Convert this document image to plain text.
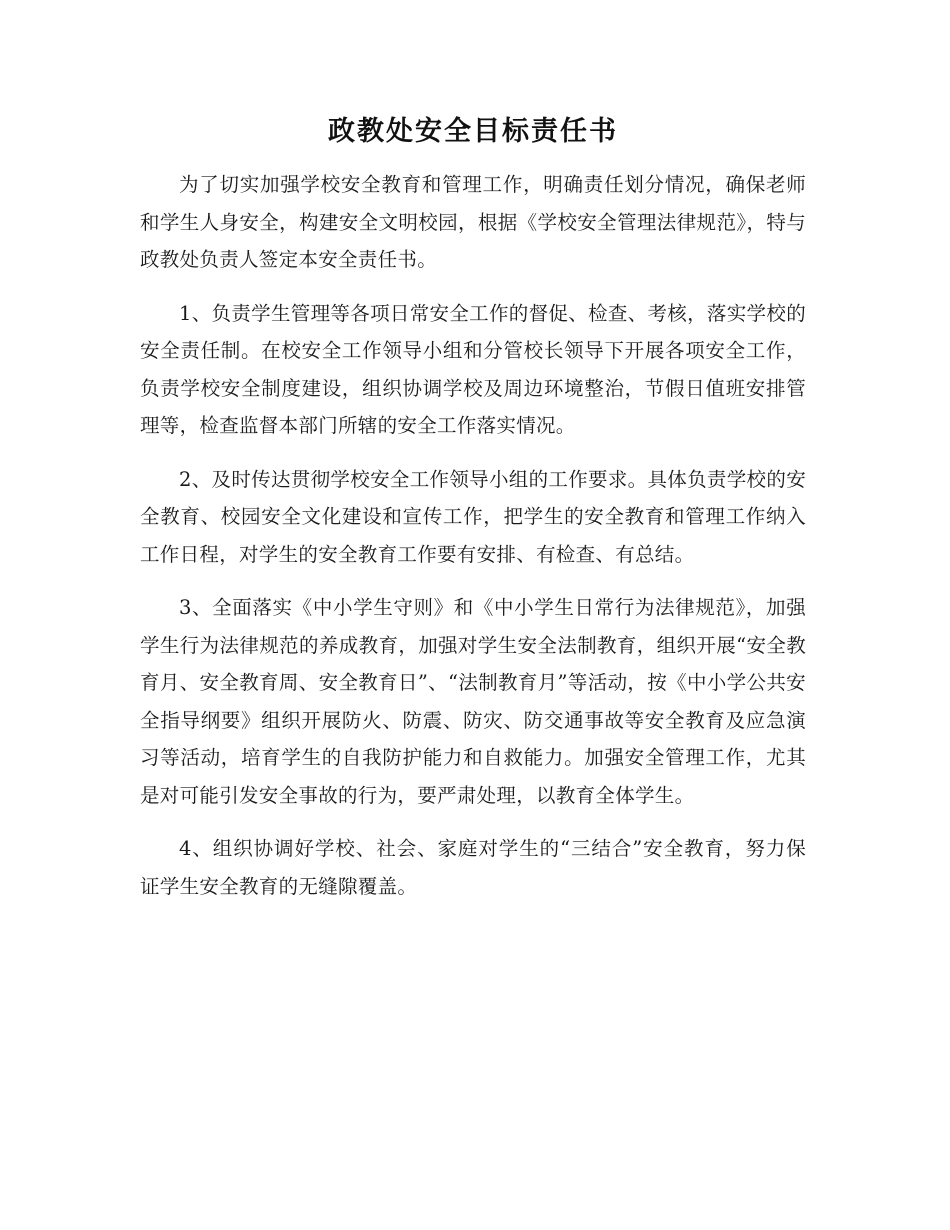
政教处安全目标责任书

为了切实加强学校安全教育和管理工作，明确责任划分情况，确保老师和学生人身安全，构建安全文明校园，根据《学校安全管理法律规范》，特与政教处负责人签定本安全责任书。

1、负责学生管理等各项日常安全工作的督促、检查、考核，落实学校的安全责任制。在校安全工作领导小组和分管校长领导下开展各项安全工作，负责学校安全制度建设，组织协调学校及周边环境整治，节假日值班安排管理等，检查监督本部门所辖的安全工作落实情况。

2、及时传达贯彻学校安全工作领导小组的工作要求。具体负责学校的安全教育、校园安全文化建设和宣传工作，把学生的安全教育和管理工作纳入工作日程，对学生的安全教育工作要有安排、有检查、有总结。

3、全面落实《中小学生守则》和《中小学生日常行为法律规范》，加强学生行为法律规范的养成教育，加强对学生安全法制教育，组织开展“安全教育月、安全教育周、安全教育日”、“法制教育月”等活动，按《中小学公共安全指导纲要》组织开展防火、防震、防灾、防交通事故等安全教育及应急演习等活动，培育学生的自我防护能力和自救能力。加强安全管理工作，尤其是对可能引发安全事故的行为，要严肃处理，以教育全体学生。

4、组织协调好学校、社会、家庭对学生的“三结合”安全教育，努力保证学生安全教育的无缝隙覆盖。
